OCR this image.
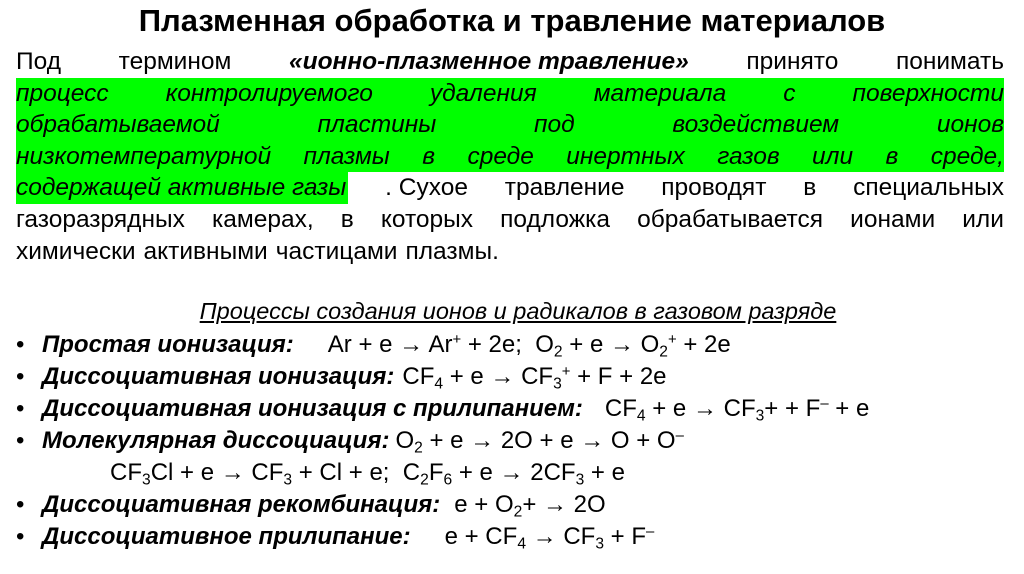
Плазменная обработка и травление материалов
Под термином «ионно-плазменное травление» принято понимать
процесс контролируемого удаления материала с поверхности
обрабатываемой	пластины	под	воздействием	ионов
низкотемпературной плазмы в среде инертных газов или в среде,
содержащей активные газы . Сухое травление проводят в специальных
газоразрядных камерах, в которых подложка обрабатывается ионами или
химически активными частицами плазмы.
Процессы создания ионов и радикалов в газовом разряде
• Простая ионизация: Ar + e → Ar+ + 2e;  $O_2 + e \to O_2^+ + 2e$
• Диссоциативная ионизация: $CF_4 + e \to CF_3^+ + F + 2e$
• Диссоциативная ионизация с прилипанием: $CF_4 + e \to CF_3+ + F^- + e$
• Молекулярная диссоциация: $O_2 + e \to 2O + e \to O + O^-$
$CF_3Cl + e \to CF_3 + Cl + e$;  $C_2F_6 + e \to 2CF_3 + e$
• Диссоциативная рекомбинация: $e + O_2+ \to 2O$
• Диссоциативное прилипание: $e + CF_4 \to CF_3 + F^-$
